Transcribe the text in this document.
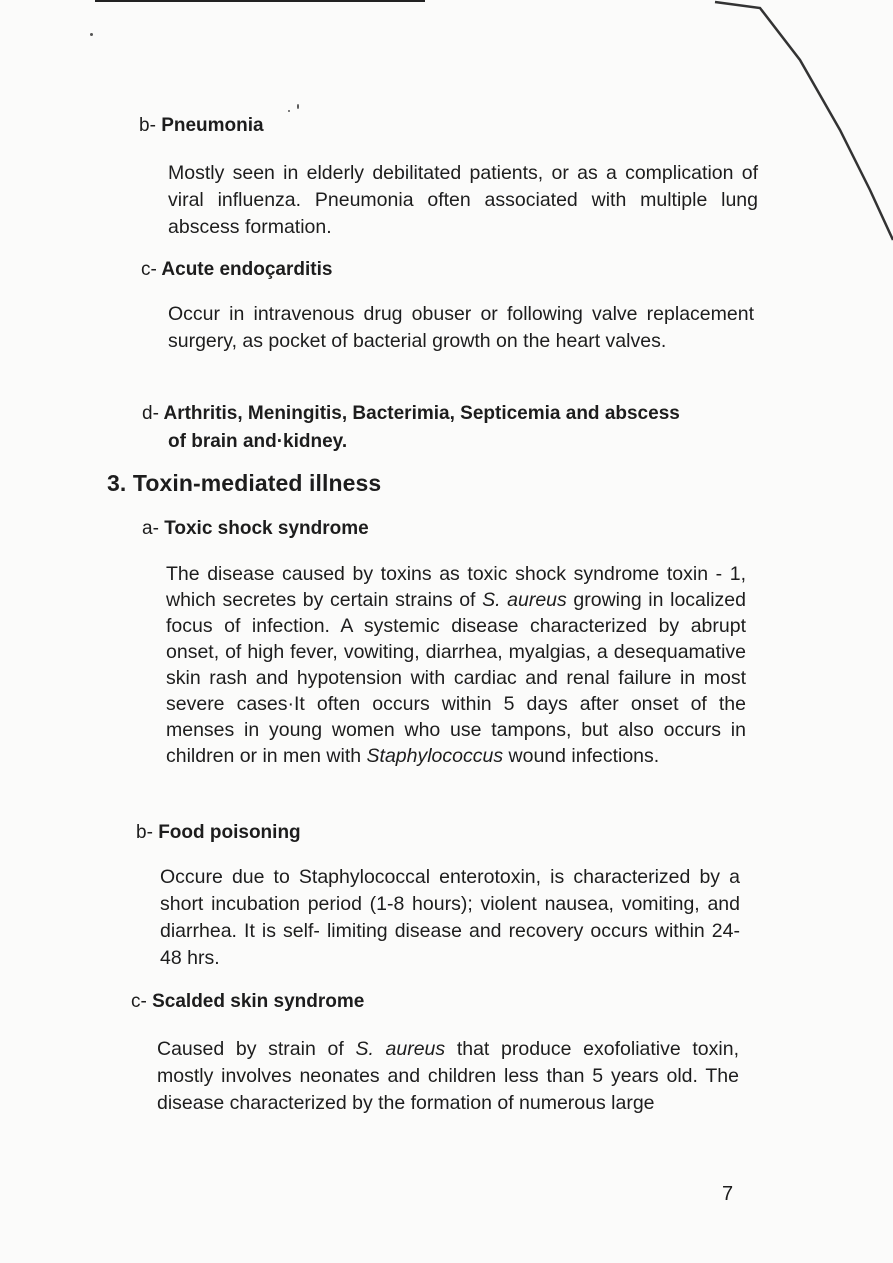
b- Pneumonia

Mostly seen in elderly debilitated patients, or as a complication of viral influenza. Pneumonia often associated with multiple lung abscess formation.

c- Acute endoçarditis

Occur in intravenous drug obuser or following valve replacement surgery, as pocket of bacterial growth on the heart valves.

d- Arthritis, Meningitis, Bacterimia, Septicemia and abscess
of brain and·kidney.
3. Toxin-mediated illness
a- Toxic shock syndrome

The disease caused by toxins as toxic shock syndrome toxin - 1, which secretes by certain strains of S. aureus growing in localized focus of infection. A systemic disease characterized by abrupt onset, of high fever, vowiting, diarrhea, myalgias, a desequamative skin rash and hypotension with cardiac and renal failure in most severe cases·It often occurs within 5 days after onset of the menses in young women who use tampons, but also occurs in children or in men with Staphylococcus wound infections.

b- Food poisoning

Occure due to Staphylococcal enterotoxin, is characterized by a short incubation period (1-8 hours); violent nausea, vomiting, and diarrhea. It is self- limiting disease and recovery occurs within 24-48 hrs.

c- Scalded skin syndrome

Caused by strain of S. aureus that produce exofoliative toxin, mostly involves neonates and children less than 5 years old. The disease characterized by the formation of numerous large

7
